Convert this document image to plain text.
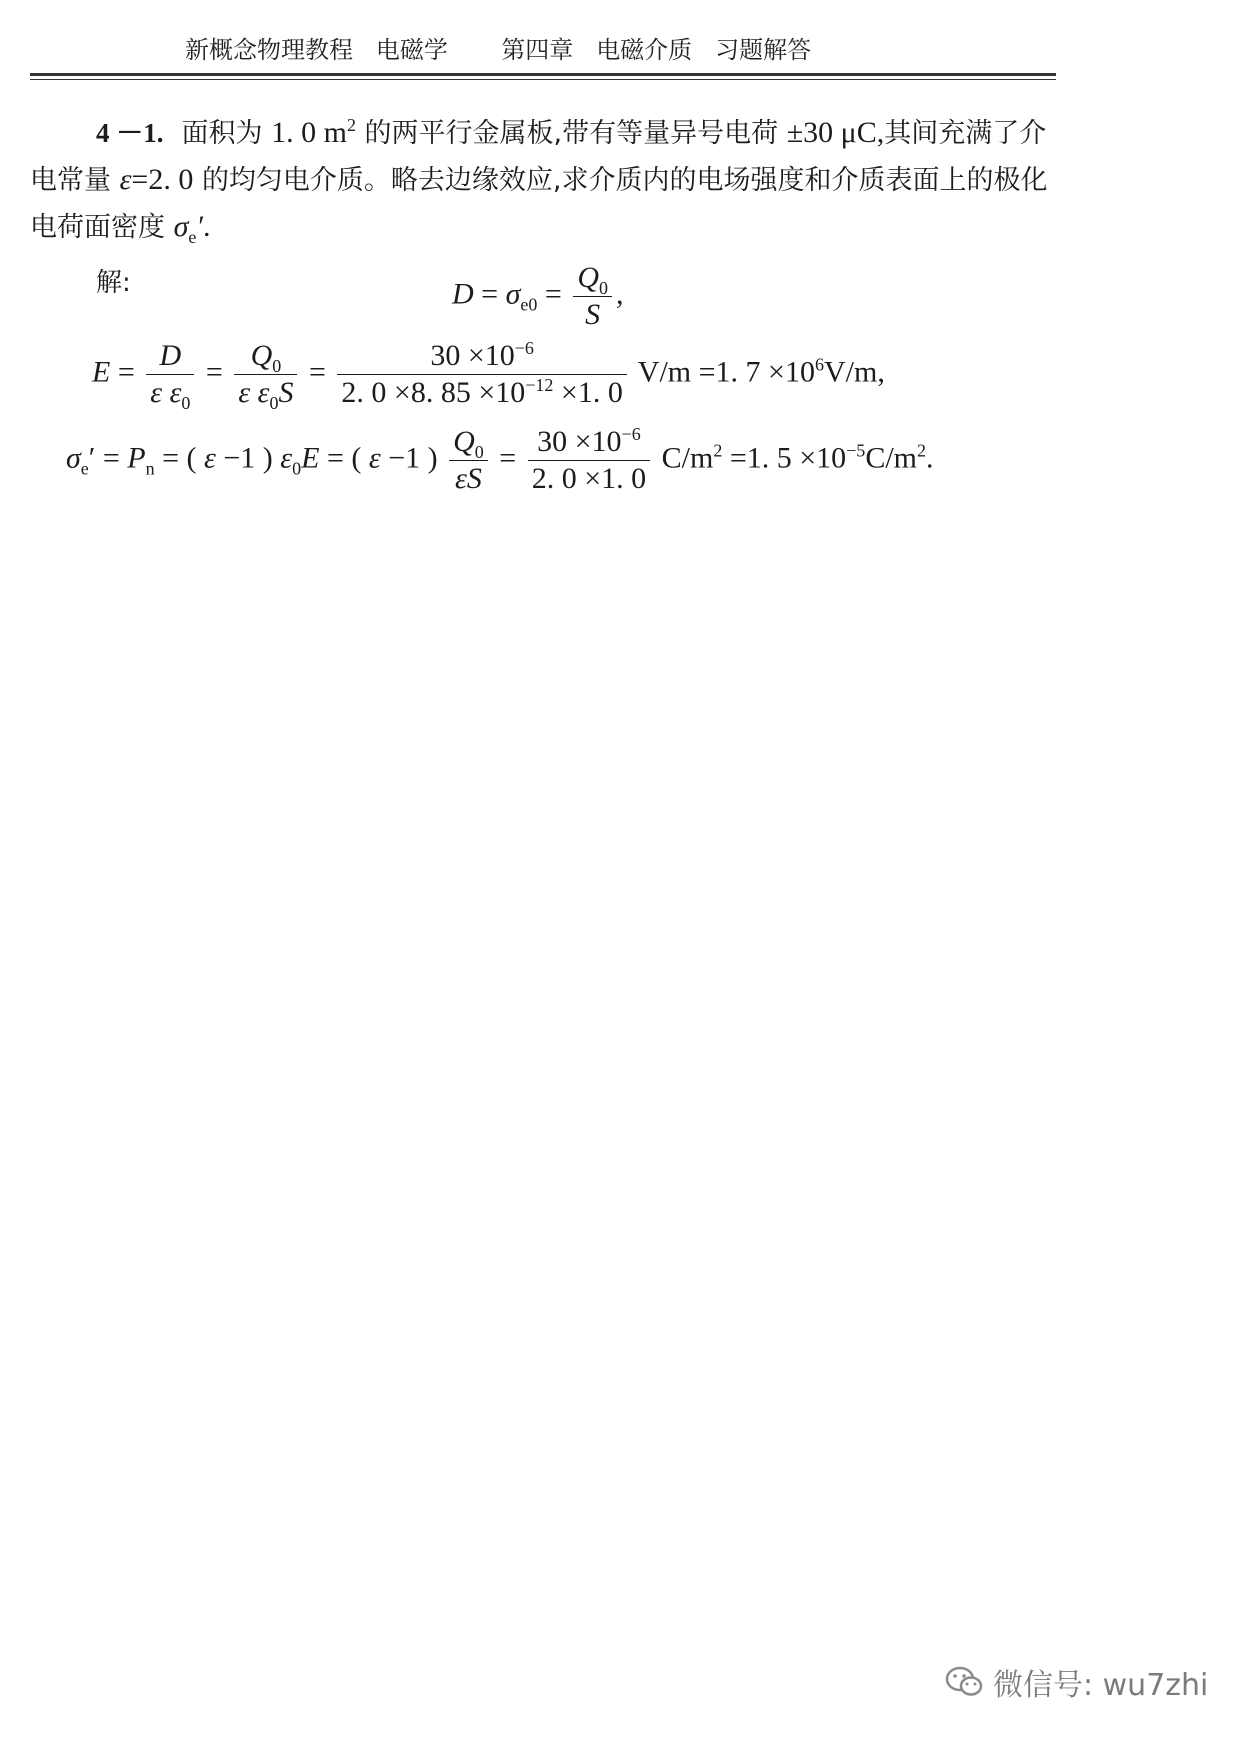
新概念物理教程 电磁学 第四章 电磁介质 习题解答
4 －1. 面积为 1. 0 $m^2$ 的两平行金属板,带有等量异号电荷 ±30 μC,其间充满了介电常量 ε=2. 0 的均匀电介质。略去边缘效应,求介质内的电场强度和介质表面上的极化电荷面密度 $\sigma_e'$.
解:	$D = \sigma_{e0} = \frac{Q_0}{S}$ ,
$E = \frac{D}{\varepsilon \varepsilon_0} = \frac{Q_0}{\varepsilon \varepsilon_0S} = \frac{30 \times 10^{-6}}{2. 0 \times 8. 85 \times 10^{-12} \times 1. 0} V/m =1$. $7 \times 10^6V/m$,
$\sigma_e' = P_n$ = ( ε −1 ) $\varepsilon_0E$ = ( ε −1 ) $\frac{Q_0}{\varepsilon S} = \frac{30 \times 10^{-6}}{2. 0 \times 1. 0} C/m^2 =1$. $5 \times 10^{-5}C/m^2$.
微信号: wu7zhi
